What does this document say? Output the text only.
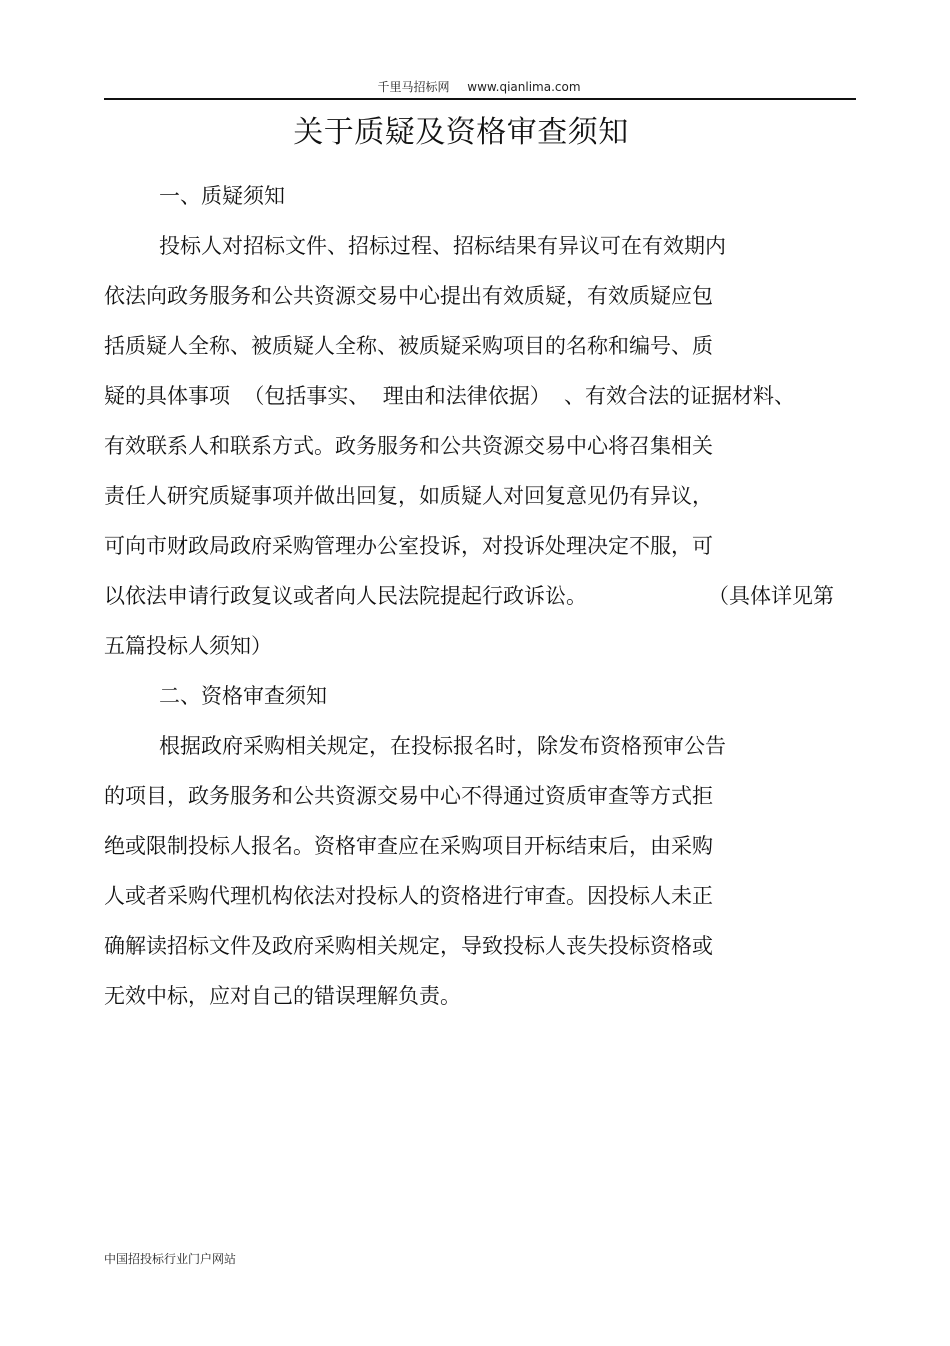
千里马招标网 www.qianlima.com
关于质疑及资格审查须知
一、质疑须知
投标人对招标文件、招标过程、招标结果有异议可在有效期内
依法向政务服务和公共资源交易中心提出有效质疑，有效质疑应包
括质疑人全称、被质疑人全称、被质疑采购项目的名称和编号、质
疑的具体事项  （包括事实、  理由和法律依据）  、有效合法的证据材料、
有效联系人和联系方式。政务服务和公共资源交易中心将召集相关
责任人研究质疑事项并做出回复，如质疑人对回复意见仍有异议，
可向市财政局政府采购管理办公室投诉，对投诉处理决定不服，可
以依法申请行政复议或者向人民法院提起行政诉讼。	（具体详见第
五篇投标人须知）
二、资格审查须知
根据政府采购相关规定，在投标报名时，除发布资格预审公告
的项目，政务服务和公共资源交易中心不得通过资质审查等方式拒
绝或限制投标人报名。资格审查应在采购项目开标结束后，由采购
人或者采购代理机构依法对投标人的资格进行审查。因投标人未正
确解读招标文件及政府采购相关规定，导致投标人丧失投标资格或
无效中标，应对自己的错误理解负责。
中国招投标行业门户网站
